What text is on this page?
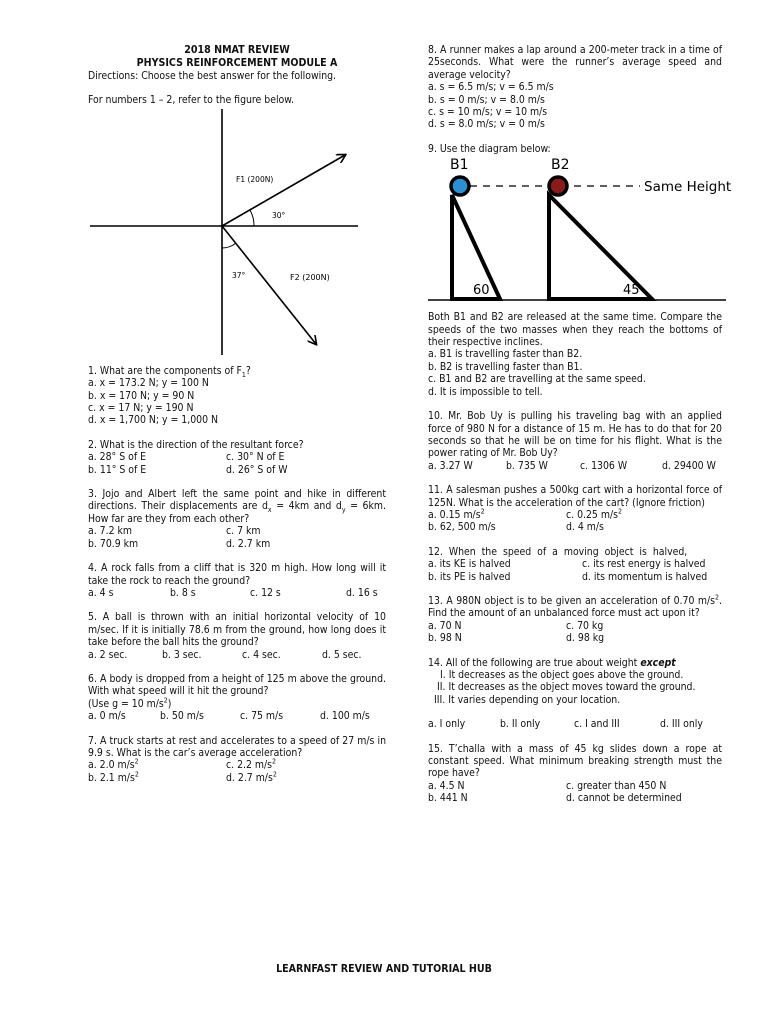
2018 NMAT REVIEW
PHYSICS REINFORCEMENT MODULE A

Directions: Choose the best answer for the following.

For numbers 1 – 2, refer to the figure below.

F1 (200N)
30°
37°	F2 (200N)

1. What are the components of $F_1$?

a. x = 173.2 N; y = 100 N

b. x = 170 N; y = 90 N

c. x = 17 N; y = 190 N

d. x = 1,700 N; y = 1,000 N

2. What is the direction of the resultant force?

a. 28° S of E	c. 30° N of E
b. 11° S of E	d. 26° S of W

3. Jojo and Albert left the same point and hike in different directions. Their displacements are $d_x = 4km$ and $d_y = 6km$. How far are they from each other?

a. 7.2 km	c. 7 km
b. 70.9 km	d. 2.7 km

4. A rock falls from a cliff that is 320 m high. How long will it take the rock to reach the ground?

a. 4 s	b. 8 s	c. 12 s	d. 16 s

5. A ball is thrown with an initial horizontal velocity of 10 m/sec. If it is initially 78.6 m from the ground, how long does it take before the ball hits the ground?

a. 2 sec.	b. 3 sec.	c. 4 sec.	d. 5 sec.

6. A body is dropped from a height of 125 m above the ground. With what speed will it hit the ground?

(Use g = 10 $m/s^2$)

a. 0 m/s	b. 50 m/s	c. 75 m/s	d. 100 m/s

7. A truck starts at rest and accelerates to a speed of 27 m/s in 9.9 s. What is the car’s average acceleration?

a. 2.0 $m/s^2$	c. 2.2 $m/s^2$
b. 2.1 $m/s^2$	d. 2.7 $m/s^2$

8. A runner makes a lap around a 200-meter track in a time of 25seconds. What were the runner’s average speed and average velocity?

a. s = 6.5 m/s; v = 6.5 m/s

b. s = 0 m/s; v = 8.0 m/s

c. s = 10 m/s; v = 10 m/s

d. s = 8.0 m/s; v = 0 m/s

9. Use the diagram below:

B1	B2
Same Height
60	45

Both B1 and B2 are released at the same time. Compare the speeds of the two masses when they reach the bottoms of their respective inclines.

a. B1 is travelling faster than B2.

b. B2 is travelling faster than B1.

c. B1 and B2 are travelling at the same speed.

d. It is impossible to tell.

10. Mr. Bob Uy is pulling his traveling bag with an applied force of 980 N for a distance of 15 m. He has to do that for 20 seconds so that he will be on time for his flight. What is the power rating of Mr. Bob Uy?

a. 3.27 W	b. 735 W	c. 1306 W	d. 29400 W

11. A salesman pushes a 500kg cart with a horizontal force of 125N. What is the acceleration of the cart? (Ignore friction)

a. 0.15 $m/s^2$	c. 0.25 $m/s^2$
b. 62, 500 m/s	d. 4 m/s

12. When the speed of a moving object is halved,

a. its KE is halved	c. its rest energy is halved
b. its PE is halved	d. its momentum is halved

13. A 980N object is to be given an acceleration of 0.70 $m/s^2$. Find the amount of an unbalanced force must act upon it?

a. 70 N	c. 70 kg
b. 98 N	d. 98 kg

14. All of the following are true about weight except

I. It decreases as the object goes above the ground.

II. It decreases as the object moves toward the ground.

III. It varies depending on your location.

a. I only	b. II only	c. I and III	d. III only

15. T’challa with a mass of 45 kg slides down a rope at constant speed. What minimum breaking strength must the rope have?

a. 4.5 N	c. greater than 450 N
b. 441 N	d. cannot be determined
LEARNFAST REVIEW AND TUTORIAL HUB
